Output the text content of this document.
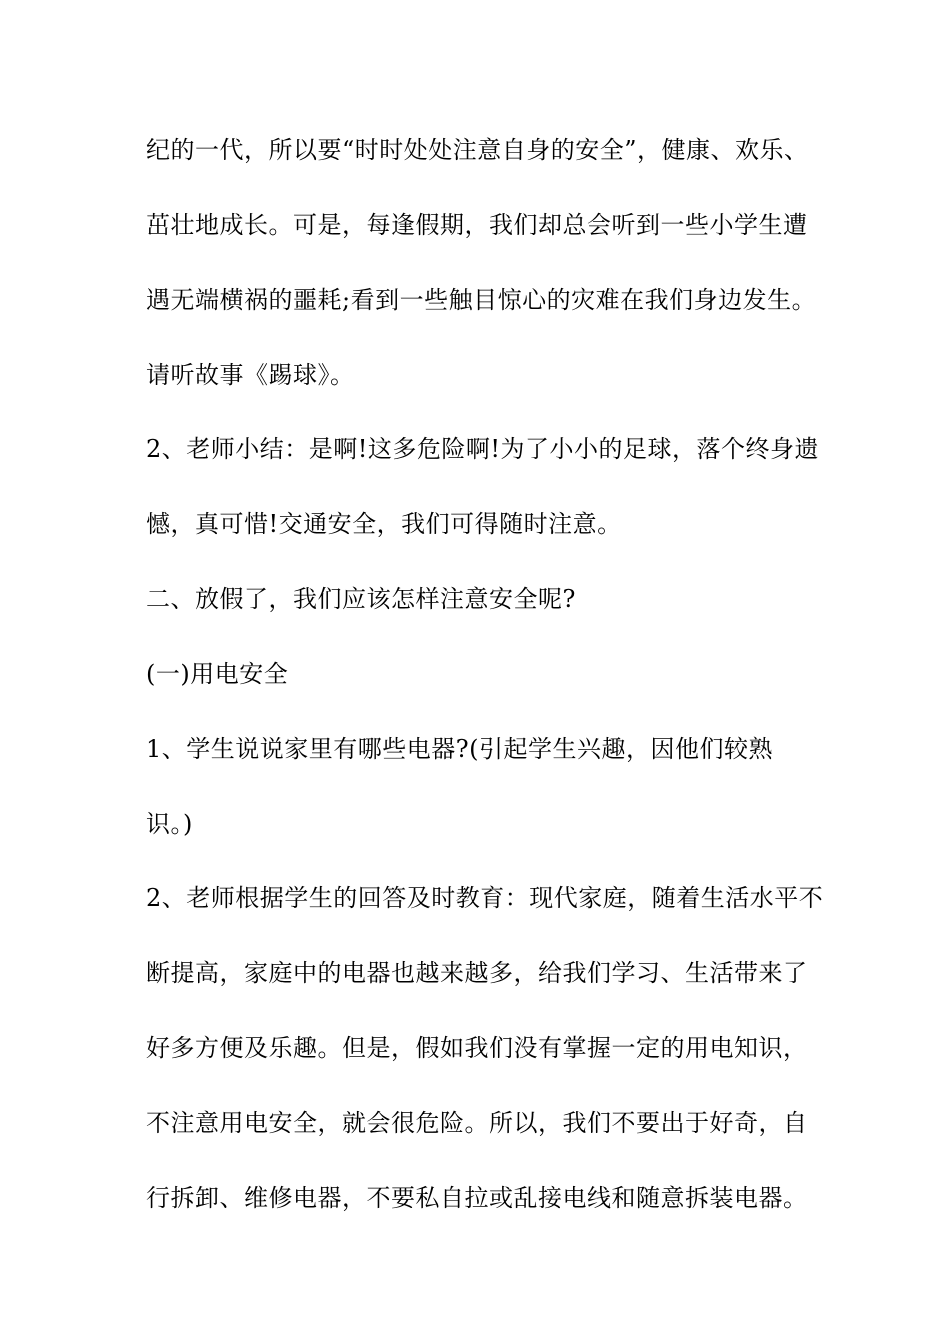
纪的一代，所以要“时时处处注意自身的安全”，健康、欢乐、
茁壮地成长。可是，每逢假期，我们却总会听到一些小学生遭
遇无端横祸的噩耗;看到一些触目惊心的灾难在我们身边发生。
请听故事《踢球》。
2、老师小结：是啊!这多危险啊!为了小小的足球，落个终身遗
憾，真可惜!交通安全，我们可得随时注意。
二、放假了，我们应该怎样注意安全呢?
(一)用电安全
1、学生说说家里有哪些电器?(引起学生兴趣，因他们较熟
识。)
2、老师根据学生的回答及时教育：现代家庭，随着生活水平不
断提高，家庭中的电器也越来越多，给我们学习、生活带来了
好多方便及乐趣。但是，假如我们没有掌握一定的用电知识，
不注意用电安全，就会很危险。所以，我们不要出于好奇，自
行拆卸、维修电器，不要私自拉或乱接电线和随意拆装电器。
